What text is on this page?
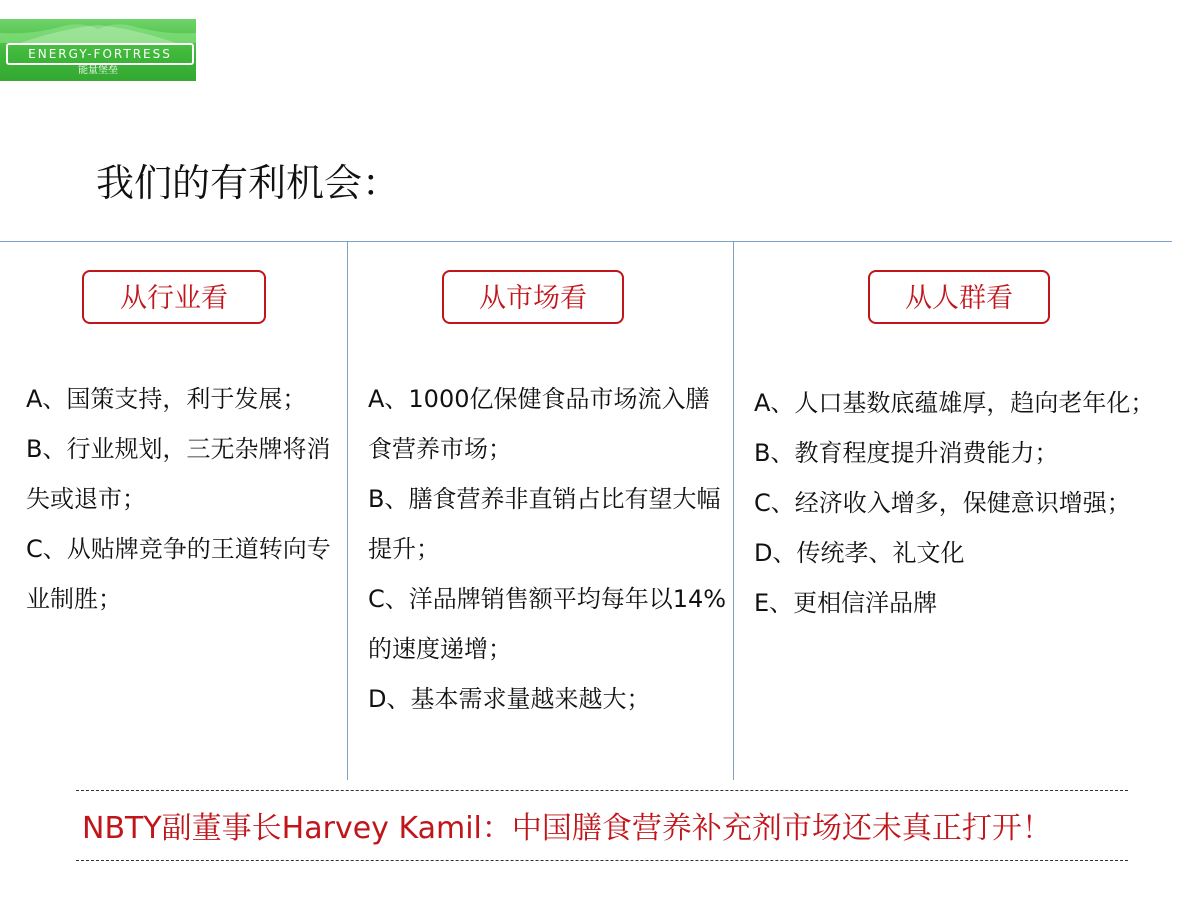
ENERGY-FORTRESS
能量堡垒
我们的有利机会：
从行业看	从市场看	从人群看
A、国策支持，利于发展；
B、行业规划，三无杂牌将消失或退市；
C、从贴牌竞争的王道转向专业制胜；
A、1000亿保健食品市场流入膳食营养市场；
B、膳食营养非直销占比有望大幅提升；
C、洋品牌销售额平均每年以14%的速度递增；
D、基本需求量越来越大；
A、人口基数底蕴雄厚，趋向老年化；
B、教育程度提升消费能力；
C、经济收入增多，保健意识增强；
D、传统孝、礼文化
E、更相信洋品牌
NBTY副董事长Harvey Kamil：中国膳食营养补充剂市场还未真正打开！
